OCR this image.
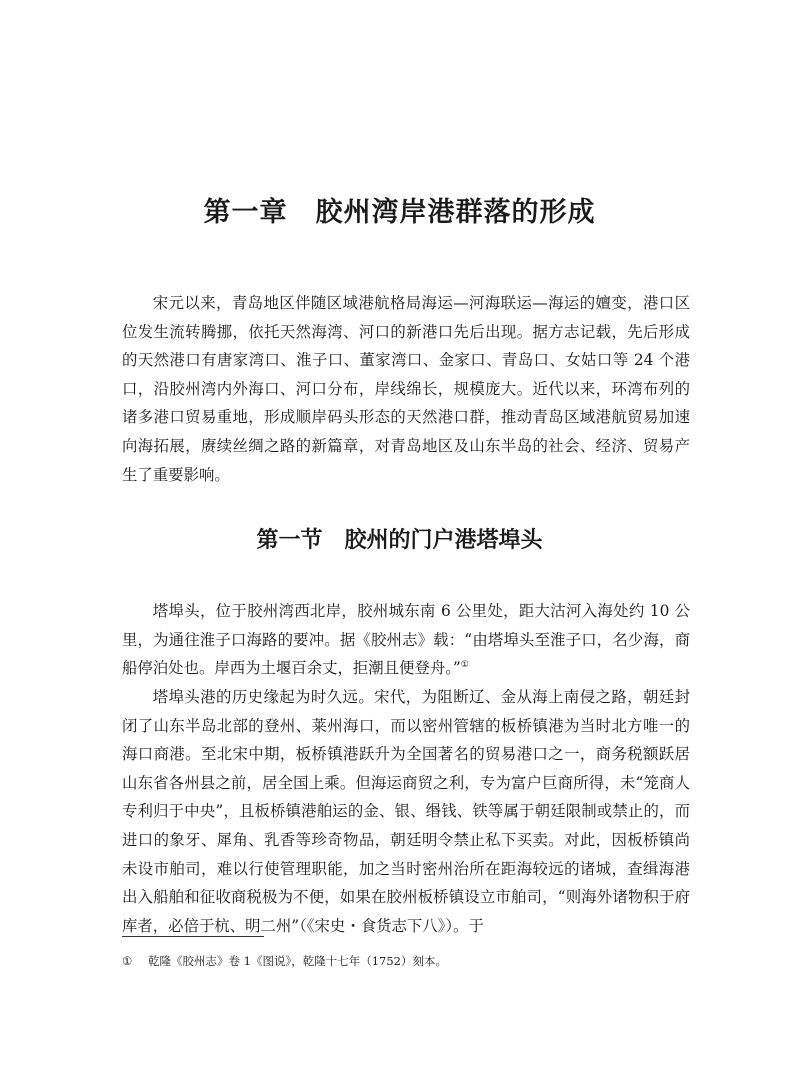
第一章　胶州湾岸港群落的形成

宋元以来，青岛地区伴随区域港航格局海运—河海联运—海运的嬗变，港口区位发生流转腾挪，依托天然海湾、河口的新港口先后出现。据方志记载，先后形成的天然港口有唐家湾口、淮子口、董家湾口、金家口、青岛口、女姑口等 24 个港口，沿胶州湾内外海口、河口分布，岸线绵长，规模庞大。近代以来，环湾布列的诸多港口贸易重地，形成顺岸码头形态的天然港口群，推动青岛区域港航贸易加速向海拓展，赓续丝绸之路的新篇章，对青岛地区及山东半岛的社会、经济、贸易产生了重要影响。

第一节　胶州的门户港塔埠头

塔埠头，位于胶州湾西北岸，胶州城东南 6 公里处，距大沽河入海处约 10 公里，为通往淮子口海路的要冲。据《胶州志》载：“由塔埠头至淮子口，名少海，商船停泊处也。岸西为土堰百余丈，拒潮且便登舟。”①

塔埠头港的历史缘起为时久远。宋代，为阻断辽、金从海上南侵之路，朝廷封闭了山东半岛北部的登州、莱州海口，而以密州管辖的板桥镇港为当时北方唯一的海口商港。至北宋中期，板桥镇港跃升为全国著名的贸易港口之一，商务税额跃居山东省各州县之前，居全国上乘。但海运商贸之利，专为富户巨商所得，未“笼商人专利归于中央”，且板桥镇港舶运的金、银、缗钱、铁等属于朝廷限制或禁止的，而进口的象牙、犀角、乳香等珍奇物品，朝廷明令禁止私下买卖。对此，因板桥镇尚未设市舶司，难以行使管理职能，加之当时密州治所在距海较远的诸城，查缉海港出入船舶和征收商税极为不便，如果在胶州板桥镇设立市舶司，“则海外诸物积于府库者，必倍于杭、明二州”（《宋史・食货志下八》）。于

① 乾隆《胶州志》卷 1《图说》，乾隆十七年（1752）刻本。
